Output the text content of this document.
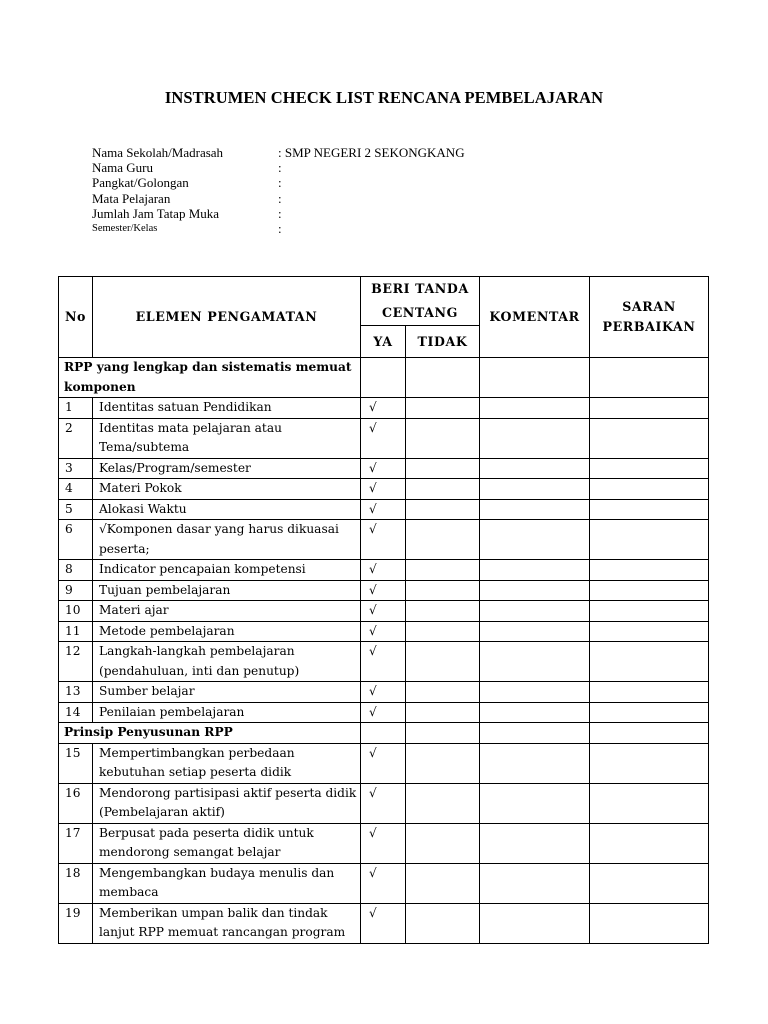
INSTRUMEN CHECK LIST RENCANA PEMBELAJARAN
Nama Sekolah/Madrasah	: SMP NEGERI 2 SEKONGKANG
Nama Guru	:
Pangkat/Golongan	:
Mata Pelajaran	:
Jumlah Jam Tatap Muka	:
Semester/Kelas	:
No	ELEMEN PENGAMATAN	BERI TANDA CENTANG		KOMENTAR	SARAN PERBAIKAN
		YA	TIDAK		
RPP yang lengkap dan sistematis memuat komponen					
1	Identitas satuan Pendidikan	√			
2	Identitas mata pelajaran atau Tema/subtema	√			
3	Kelas/Program/semester	√			
4	Materi Pokok	√			
5	Alokasi Waktu	√			
6	√Komponen dasar yang harus dikuasai peserta;	√			
8	Indicator pencapaian kompetensi	√			
9	Tujuan pembelajaran	√			
10	Materi ajar	√			
11	Metode pembelajaran	√			
12	Langkah-langkah pembelajaran (pendahuluan, inti dan penutup)	√			
13	Sumber belajar	√			
14	Penilaian pembelajaran	√			
Prinsip Penyusunan RPP					
15	Mempertimbangkan perbedaan kebutuhan setiap peserta didik	√			
16	Mendorong partisipasi aktif peserta didik (Pembelajaran aktif)	√			
17	Berpusat pada peserta didik untuk mendorong semangat belajar	√			
18	Mengembangkan budaya menulis dan membaca	√			
19	Memberikan umpan balik dan tindak lanjut RPP memuat rancangan program	√			
